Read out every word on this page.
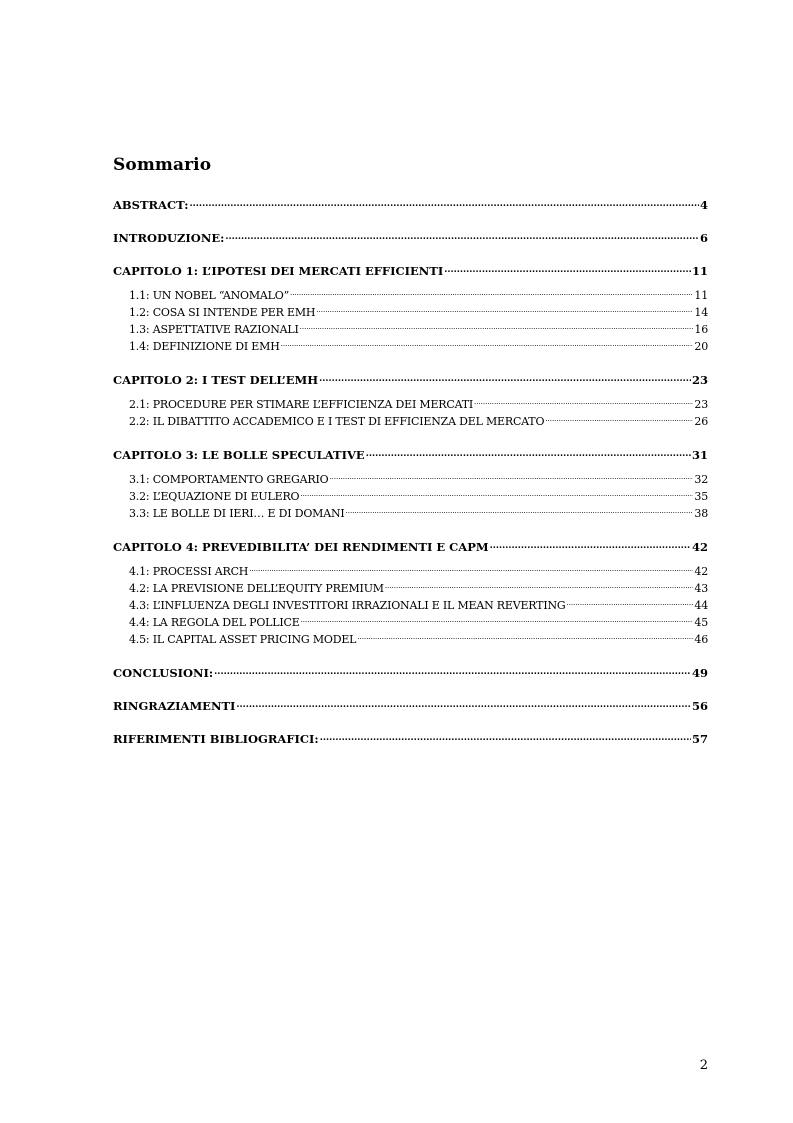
Sommario
ABSTRACT: .....	4
INTRODUZIONE: .....	6
CAPITOLO 1: L’IPOTESI DEI MERCATI EFFICIENTI .....	11
1.1: UN NOBEL “ANOMALO” .....	11
1.2: COSA SI INTENDE PER EMH .....	14
1.3: ASPETTATIVE RAZIONALI .....	16
1.4: DEFINIZIONE DI EMH .....	20
CAPITOLO 2: I TEST DELL’EMH .....	23
2.1: PROCEDURE PER STIMARE L’EFFICIENZA DEI MERCATI .....	23
2.2: IL DIBATTITO ACCADEMICO E I TEST DI EFFICIENZA DEL MERCATO .....	26
CAPITOLO 3: LE BOLLE SPECULATIVE .....	31
3.1: COMPORTAMENTO GREGARIO .....	32
3.2: L’EQUAZIONE DI EULERO .....	35
3.3: LE BOLLE DI IERI… E DI DOMANI .....	38
CAPITOLO 4: PREVEDIBILITA’ DEI RENDIMENTI E CAPM .....	42
4.1: PROCESSI ARCH .....	42
4.2: LA PREVISIONE DELL’EQUITY PREMIUM .....	43
4.3: L’INFLUENZA DEGLI INVESTITORI IRRAZIONALI E IL MEAN REVERTING .....	44
4.4: LA REGOLA DEL POLLICE .....	45
4.5: IL CAPITAL ASSET PRICING MODEL .....	46
CONCLUSIONI: .....	49
RINGRAZIAMENTI .....	56
RIFERIMENTI BIBLIOGRAFICI: .....	57
2
